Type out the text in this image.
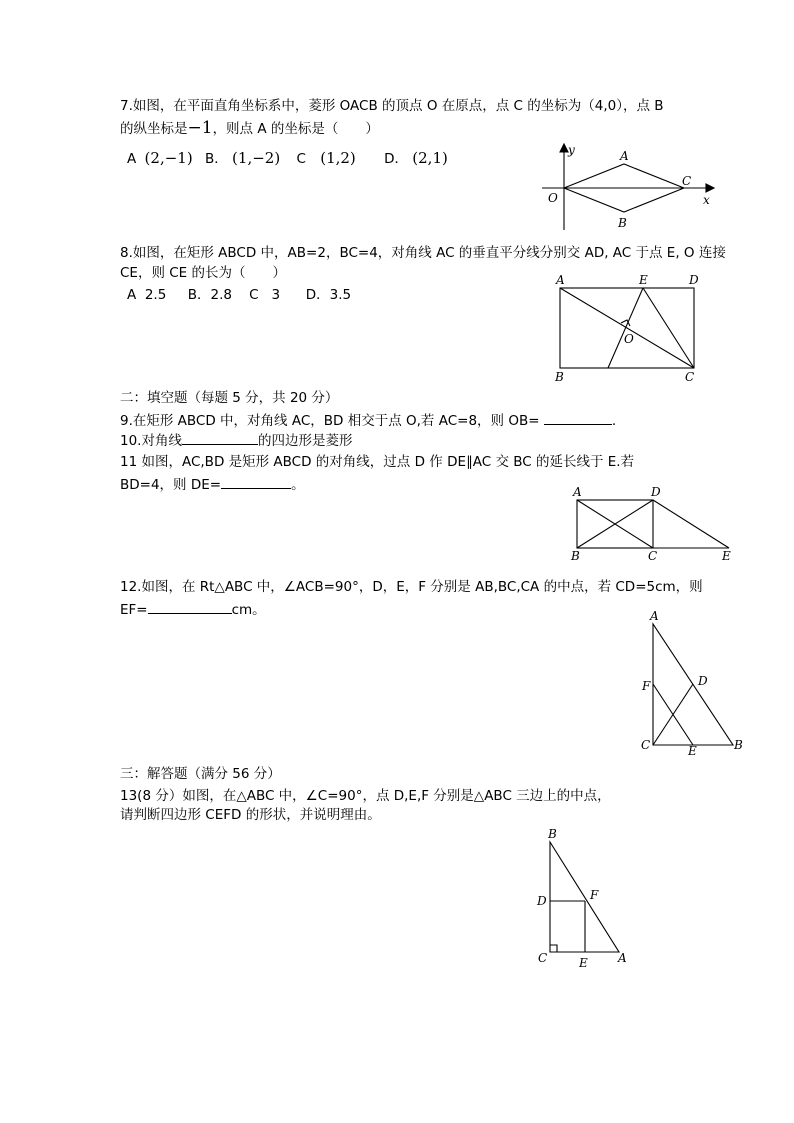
7.如图，在平面直角坐标系中，菱形 OACB 的顶点 O 在原点，点 C 的坐标为（4,0），点 B
的纵坐标是−1，则点 A 的坐标是（　　）
A (2,−1) B． (1,−2) C (1,2) D． (2,1)	y
x
O
A
B
C
8.如图，在矩形 ABCD 中，AB=2，BC=4，对角线 AC 的垂直平分线分别交 AD, AC 于点 E, O 连接
CE，则 CE 的长为（　　）
A  2.5     B．2.8    C   3      D．3.5
A	E	D
O
B	C
二：填空题（每题 5 分，共 20 分）
9.在矩形 ABCD 中，对角线 AC，BD 相交于点 O,若 AC=8，则 OB=	.
10.对角线	的四边形是菱形
11 如图，AC,BD 是矩形 ABCD 的对角线，过点 D 作 DE∥AC 交 BC 的延长线于 E.若
BD=4，则 DE=	。	A	D
B	C	E
12.如图，在 Rt△ABC 中，∠ACB=90°，D，E，F 分别是 AB,BC,CA 的中点，若 CD=5cm，则
EF=	cm。	A
F	D
C	E	B
三：解答题（满分 56 分）
13(8 分）如图，在△ABC 中，∠C=90°，点 D,E,F 分别是△ABC 三边上的中点，
请判断四边形 CEFD 的形状，并说明理由。
B
D	F
C	E	A
